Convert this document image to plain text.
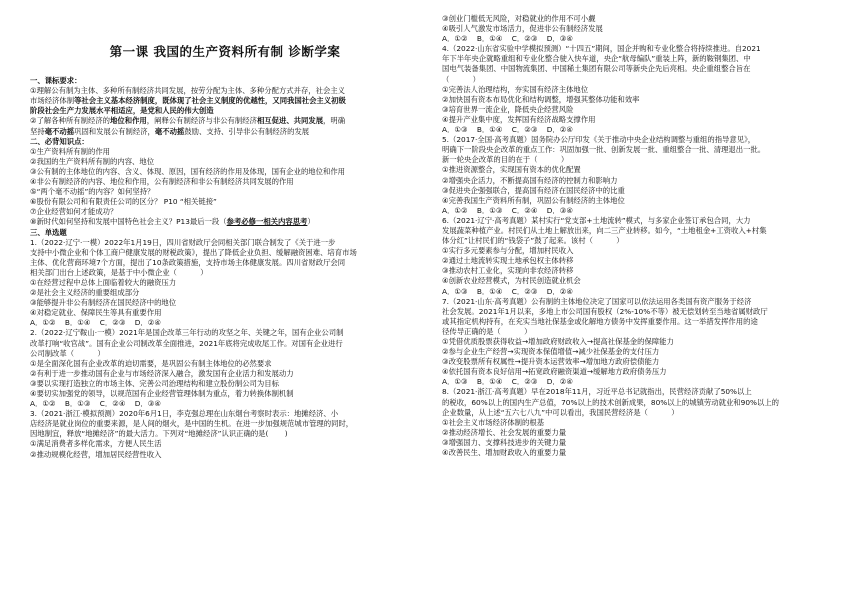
第一课 我国的生产资料所有制 诊断学案
一、课标要求：
①理解公有制为主体、多种所有制经济共同发展，按劳分配为主体、多种分配方式并存，社会主义
市场经济体制等社会主义基本经济制度，既体现了社会主义制度的优越性，又同我国社会主义初级
阶段社会生产力发展水平相适应，是党和人民的伟大创造
②了解各种所有制经济的地位和作用，阐释公有制经济与非公有制经济相互促进、共同发展，明确
坚持毫不动摇巩固和发展公有制经济，毫不动摇鼓励、支持、引导非公有制经济的发展
二、必背知识点：
①生产资料所有制的作用
②我国的生产资料所有制的内容、地位
③公有制的主体地位的内容、含义、体现、原因，国有经济的作用及体现，国有企业的地位和作用
④非公有制经济的内容、地位和作用，公有制经济和非公有制经济共同发展的作用
⑤“两个毫不动摇”的内容？如何坚持？
⑥股份有限公司和有限责任公司的区分？ P10 “相关链接”
⑦企业经营如何才能成功？
⑧新时代如何坚持和发展中国特色社会主义？P13最后一段（参考必修一相关内容思考）
三、单选题
1.（2022·辽宁·一模）2022年1月19日，四川省财政厅会同相关部门联合制发了《关于进一步
支持中小微企业和个体工商户健康发展的财税政策》，提出了降低企业负担、缓解融资困难、培育市场
主体、优化营商环境7个方面，提出了10条政策措施，支持市场主体健康发展。四川省财政厅会同
相关部门出台上述政策，是基于中小微企业（          ）
①在经营过程中总体上面临着较大的融资压力
②是社会主义经济的重要组成部分
③能够提升非公有制经济在国民经济中的地位
④对稳定就业、保障民生等具有重要作用
A．①②    B．①④    C．②③    D．②④
2.（2022·辽宁鞍山·一模）2021年是国企改革三年行动的攻坚之年、关键之年，国有企业公司制
改革打响“收官战”。国有企业公司制改革全面推进，2021年底将完成收尾工作。对国有企业进行
公司制改革（          ）
①是全面深化国有企业改革的迫切需要，是巩固公有制主体地位的必然要求
②有利于进一步推动国有企业与市场经济深入融合，激发国有企业活力和发展动力
③要以实现打造独立的市场主体、完善公司治理结构和建立股份制公司为目标
④要切实加强党的领导，以规范国有企业经营管理体制为重点，着力转换体制机制
A．①②    B．①③    C．②④    D．③④
3.（2021·浙江·模拟预测）2020年6月1日，李克强总理在山东烟台考察时表示：地摊经济、小
店经济是就业岗位的重要来源，是人间的烟火，是中国的生机。在进一步加强规范城市管理的同时，
因地制宜，释放“地摊经济”的最大活力。下列对“地摊经济”认识正确的是(       )
①满足消费者多样化需求，方便人民生活
②推动规模化经营，增加居民经营性收入
③创业门槛低无风险，对稳就业的作用不可小觑
④吸引人气激发市场活力，促进非公有制经济发展
A．①②    B．①④    C．②③    D．③④
4.（2022·山东省实验中学模拟预测）“十四五”期间，国企并购和专业化整合将持续推进。自2021
年下半年央企就略重组和专业化整合驶入快车道，央企“航母编队”重装上阵，新的鞍钢集团、中
国电气装备集团、中国物流集团、中国稀土集团有限公司等新央企先后亮相。央企重组整合旨在
（          ）
①完善法人治理结构，夯实国有经济主体地位
②加快国有资本布局优化和结构调整，增强其整体功能和效率
③培育世界一流企业，降低央企经营风险
④提升产业集中度，发挥国有经济战略支撑作用
A．①③    B．①④    C．②③    D．②④
5.（2017·全国·高考真题）国务院办公厅印发《关于推动中央企业结构调整与重组的指导意见》，
明确下一阶段央企改革的重点工作：巩固加强一批、创新发展一批、重组整合一批、清理退出一批。
新一轮央企改革的目的在于（          ）
①推进资源整合，实现国有资本的优化配置
②增强央企活力，不断提高国有经济的控制力和影响力
③促进央企强强联合，提高国有经济在国民经济中的比重
④完善我国生产资料所有制，巩固公有制经济的主体地位
A．①②    B．①③    C．②④    D．③④
6.（2021·辽宁·高考真题）某村实行“党支部+土地流转”模式，与多家企业签订承包合同，大力
发展蔬菜种植产业。村民们从土地上解放出来，向二三产业转移。如今，“土地租金+工资收入+村集
体分红”让村民们的“钱袋子”鼓了起来。该村（          ）
①实行多元要素参与分配，增加村民收入
②通过土地流转实现土地承包权主体转移
③推动农村工业化，实现向非农经济转移
④创新农业经营模式，为村民创造就业机会
A．①③    B．①④    C．②③    D．②④
7.（2021·山东·高考真题）公有制的主体地位决定了国家可以依法运用各类国有资产服务于经济
社会发展。2021年1月以来，多地上市公司国有股权（2%-10%不等）被无偿划转至当地省属财政厅
或其指定机构持有，在充实当地社保基金或化解地方债务中发挥重要作用。这一举措发挥作用的途
径传导正确的是（          ）
①凭借优质股票获得收益→增加政府财政收入→提高社保基金的保障能力
②参与企业生产经营→实现资本保值增值→减少社保基金的支付压力
③改变股票所有权属性→提升资本运营效率→增加地方政府偿债能力
④依托国有资本良好信用→拓宽政府融资渠道→缓解地方政府债务压力
A．①③    B．①④    C．②③    D．②④
8.（2021·浙江·高考真题）早在2018年11月，习近平总书记就指出，民营经济贡献了50%以上
的税收，60%以上的国内生产总值，70%以上的技术创新成果，80%以上的城镇劳动就业和90%以上的
企业数量，从上述“五六七八九”中可以看出，我国民营经济是（          ）
①社会主义市场经济体制的根基
②推动经济增长、社会发展的重要力量
③增强国力、支撑科技进步的关键力量
④改善民生、增加财政收入的重要力量
